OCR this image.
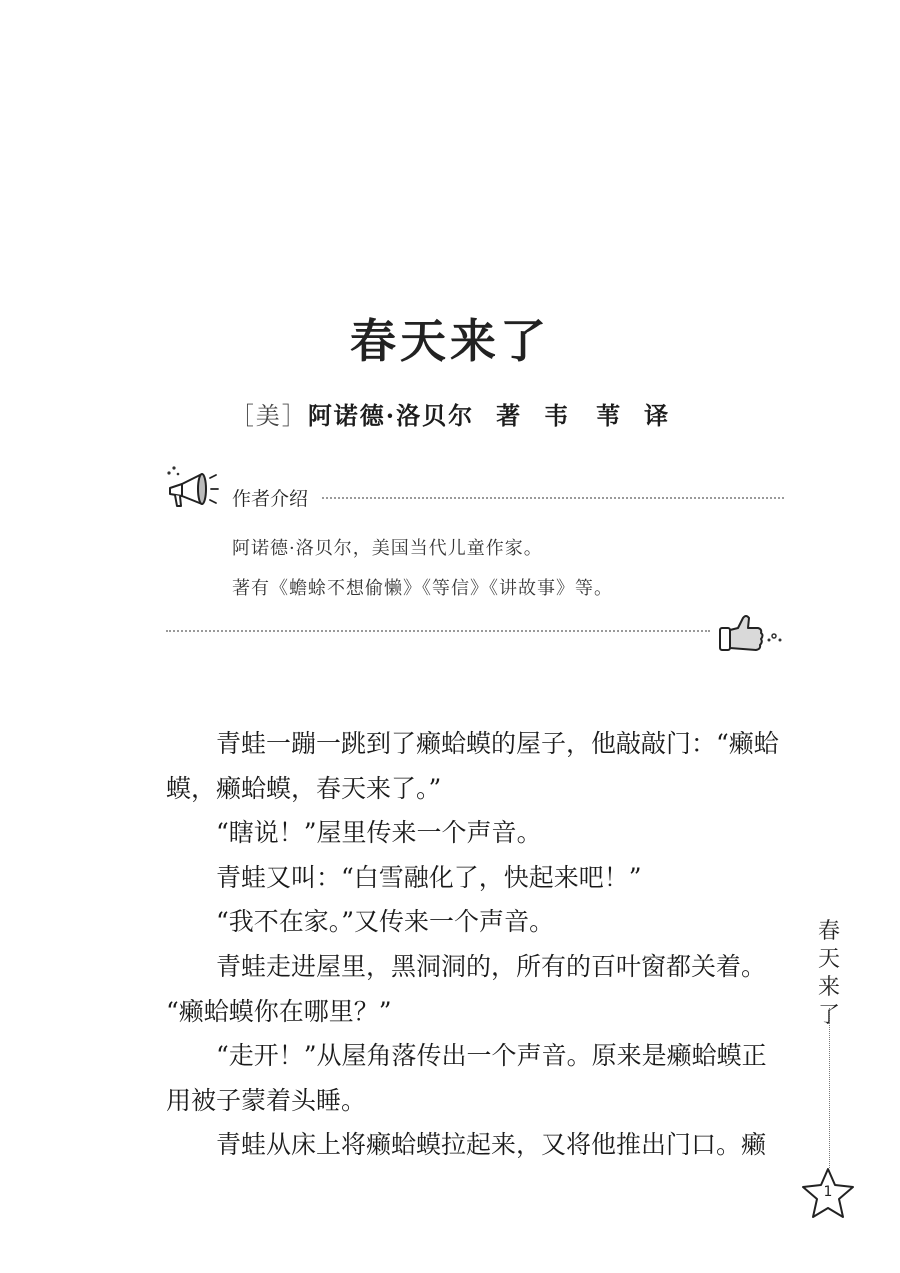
春天来了
［美］阿诺德·洛贝尔 著 韦　苇 译
作者介绍
阿诺德·洛贝尔，美国当代儿童作家。
著有《蟾蜍不想偷懒》《等信》《讲故事》等。

青蛙一蹦一跳到了癞蛤蟆的屋子，他敲敲门：“癞蛤蟆，癞蛤蟆，春天来了。”

“瞎说！”屋里传来一个声音。

青蛙又叫：“白雪融化了，快起来吧！”

“我不在家。”又传来一个声音。

青蛙走进屋里，黑洞洞的，所有的百叶窗都关着。

“癞蛤蟆你在哪里？”

“走开！”从屋角落传出一个声音。原来是癞蛤蟆正用被子蒙着头睡。

青蛙从床上将癞蛤蟆拉起来，又将他推出门口。癞

春
天
来
了
1
